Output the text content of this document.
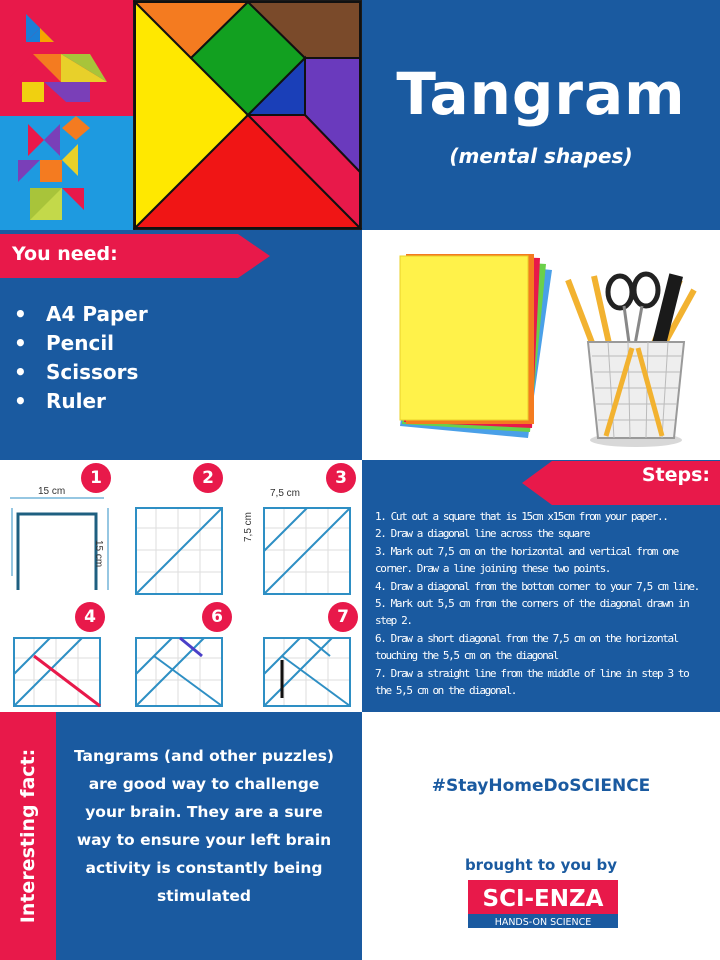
Tangram
(mental shapes)
You need:
• A4 Paper
• Pencil
• Scissors
• Ruler
15 cm
15 cm
7,5 cm
7,5 cm
1	2	3
4	6	7
Steps:
1. Cut out a square that is 15cm x15cm from your paper..
2. Draw a diagonal line across the square
3. Mark out 7,5 cm on the horizontal and vertical from one corner. Draw a line joining these two points.
4. Draw a diagonal from the bottom corner to your 7,5 cm line.
5. Mark out 5,5 cm from the corners of the diagonal drawn in step 2.
6. Draw a short diagonal from the 7,5 cm on the horizontal touching the 5,5 cm on the diagonal
7. Draw a straight line from the middle of line in step 3 to the 5,5 cm on the diagonal.
Interesting fact:	Tangrams (and other puzzles) are good way to challenge your brain. They are a sure way to ensure your left brain activity is constantly being stimulated
#StayHomeDoSCIENCE
brought to you by
SCI-ENZA
HANDS-ON SCIENCE
